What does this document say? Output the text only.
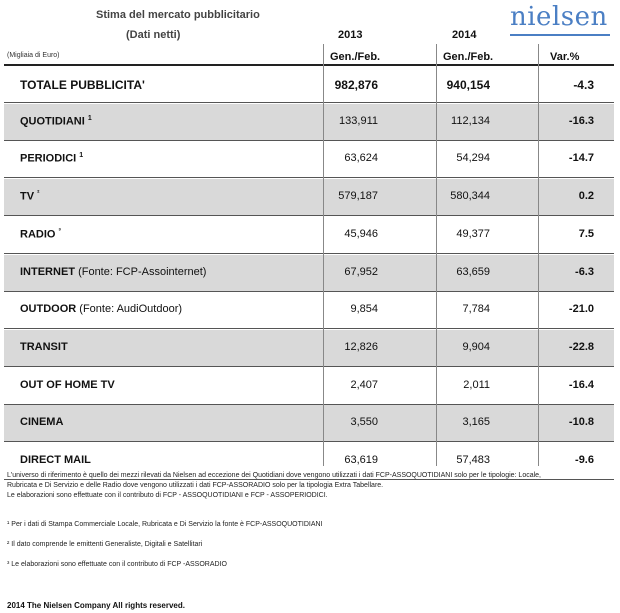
Stima del mercato pubblicitario
(Dati netti)
nielsen
(Migliaia di Euro)
2013	2014
Gen./Feb.	Gen./Feb.	Var.%
TOTALE PUBBLICITA'	982,876	940,154	-4.3
QUOTIDIANI $^1$	133,911	112,134	-16.3
PERIODICI $^1$	63,624	54,294	-14.7
TV $^{^2}$	579,187	580,344	0.2
RADIO $^{^3}$	45,946	49,377	7.5
INTERNET (Fonte: FCP-Assointernet)	67,952	63,659	-6.3
OUTDOOR (Fonte: AudiOutdoor)	9,854	7,784	-21.0
TRANSIT	12,826	9,904	-22.8
OUT OF HOME TV	2,407	2,011	-16.4
CINEMA	3,550	3,165	-10.8
DIRECT MAIL	63,619	57,483	-9.6
L'universo di riferimento è quello dei mezzi rilevati da Nielsen ad eccezione dei Quotidiani dove vengono utilizzati i dati FCP-ASSOQUOTIDIANI solo per le tipologie: Locale,
Rubricata e Di Servizio e delle Radio dove vengono utilizzati i dati FCP-ASSORADIO solo per la tipologia Extra Tabellare.
Le elaborazioni sono effettuate con il contributo di FCP - ASSOQUOTIDIANI e FCP - ASSOPERIODICI.
¹ Per i dati di Stampa Commerciale Locale, Rubricata e Di Servizio la fonte è FCP-ASSOQUOTIDIANI
² Il dato comprende le emittenti Generaliste, Digitali e Satellitari
³ Le elaborazioni sono effettuate con il contributo di FCP -ASSORADIO
2014 The Nielsen Company All rights reserved.
